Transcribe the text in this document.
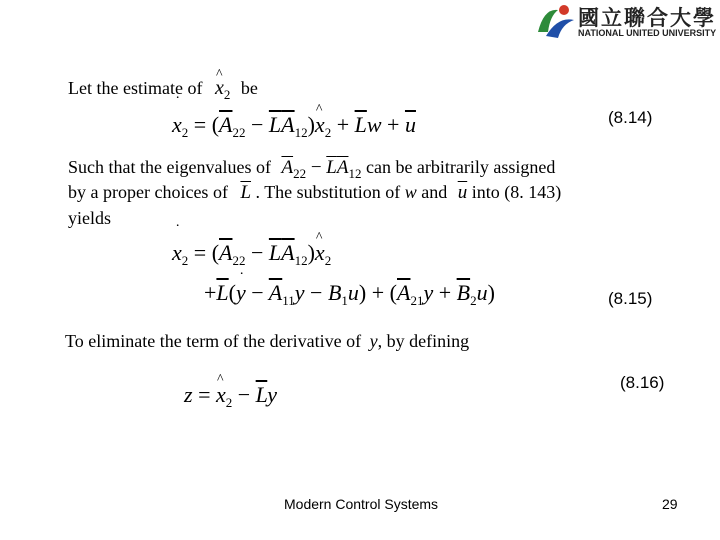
國立聯合大學
NATIONAL UNITED UNIVERSITY
Let the estimate of ^ $x_2$ be
˙ $x_2 = (\overline{A}_{22}$ − $\overline{L}\overline{A}_{12})\^{}$ $x_2 + \overline{L}w + \overline{u}$	(8.14)
Such that the eigenvalues of $\overline{A}_{22} - \overline{L}\overline{A}_{12}$ can be arbitrarily assigned
by a proper choices of $\overline{L}$ . The substitution of w and $\overline{u}$ into (8. 143)
yields
˙ $x_2 = (\overline{A}_{22}$ − $\overline{L}\overline{A}_{12})\^{}$ $x_2$
$+\overline{L}(˙$ $y - \overline{A}_{11}y - B_1u) + (\overline{A}_{21}y + \overline{B}_2u)$	(8.15)
To eliminate the term of the derivative of y, by defining
z = ^ $x_2 - \overline{L}y$	(8.16)
Modern Control Systems	29
